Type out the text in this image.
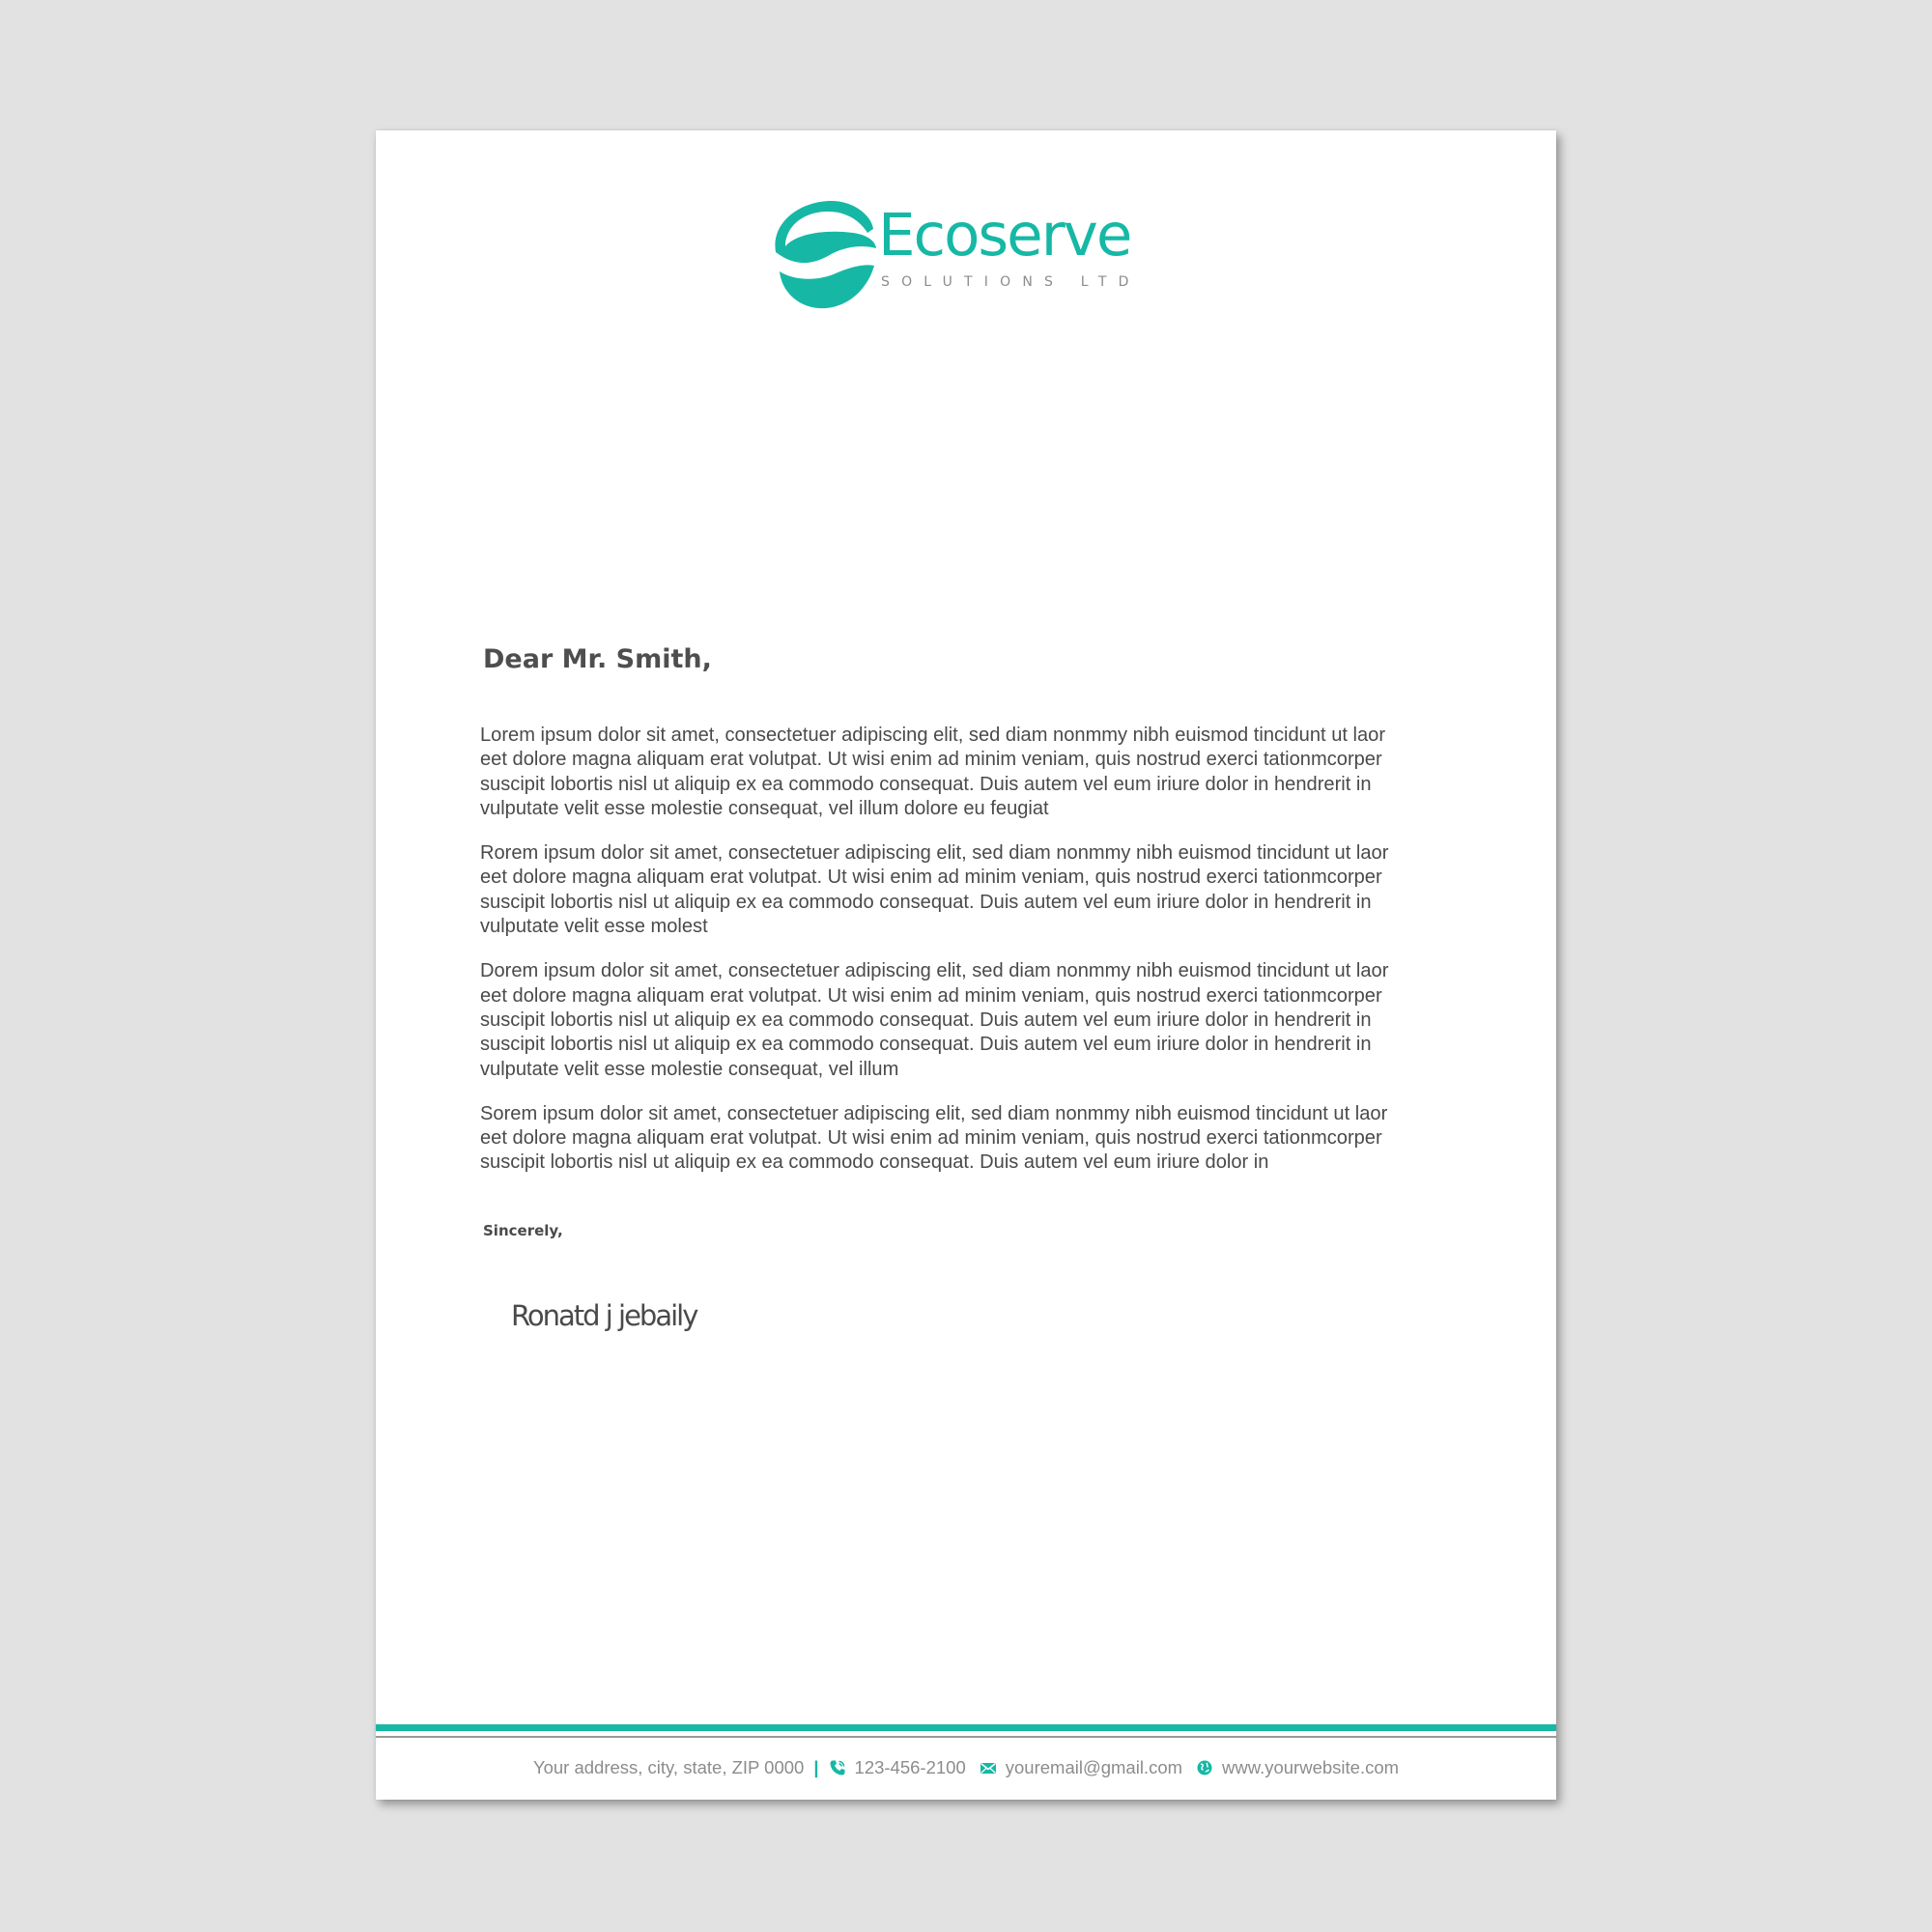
Ecoserve
SOLUTIONS LTD

Dear Mr. Smith,

Lorem ipsum dolor sit amet, consectetuer adipiscing elit, sed diam nonmmy nibh euismod tincidunt ut laor
eet dolore magna aliquam erat volutpat. Ut wisi enim ad minim veniam, quis nostrud exerci tationmcorper
suscipit lobortis nisl ut aliquip ex ea commodo consequat. Duis autem vel eum iriure dolor in hendrerit in
vulputate velit esse molestie consequat, vel illum dolore eu feugiat

Rorem ipsum dolor sit amet, consectetuer adipiscing elit, sed diam nonmmy nibh euismod tincidunt ut laor
eet dolore magna aliquam erat volutpat. Ut wisi enim ad minim veniam, quis nostrud exerci tationmcorper
suscipit lobortis nisl ut aliquip ex ea commodo consequat. Duis autem vel eum iriure dolor in hendrerit in
vulputate velit esse molest

Dorem ipsum dolor sit amet, consectetuer adipiscing elit, sed diam nonmmy nibh euismod tincidunt ut laor
eet dolore magna aliquam erat volutpat. Ut wisi enim ad minim veniam, quis nostrud exerci tationmcorper
suscipit lobortis nisl ut aliquip ex ea commodo consequat. Duis autem vel eum iriure dolor in hendrerit in
suscipit lobortis nisl ut aliquip ex ea commodo consequat. Duis autem vel eum iriure dolor in hendrerit in
vulputate velit esse molestie consequat, vel illum

Sorem ipsum dolor sit amet, consectetuer adipiscing elit, sed diam nonmmy nibh euismod tincidunt ut laor
eet dolore magna aliquam erat volutpat. Ut wisi enim ad minim veniam, quis nostrud exerci tationmcorper
suscipit lobortis nisl ut aliquip ex ea commodo consequat. Duis autem vel eum iriure dolor in

Sincerely,
Ronatd j jebaily
Your address, city, state, ZIP 0000 | 123-456-2100 youremail@gmail.com www.yourwebsite.com
